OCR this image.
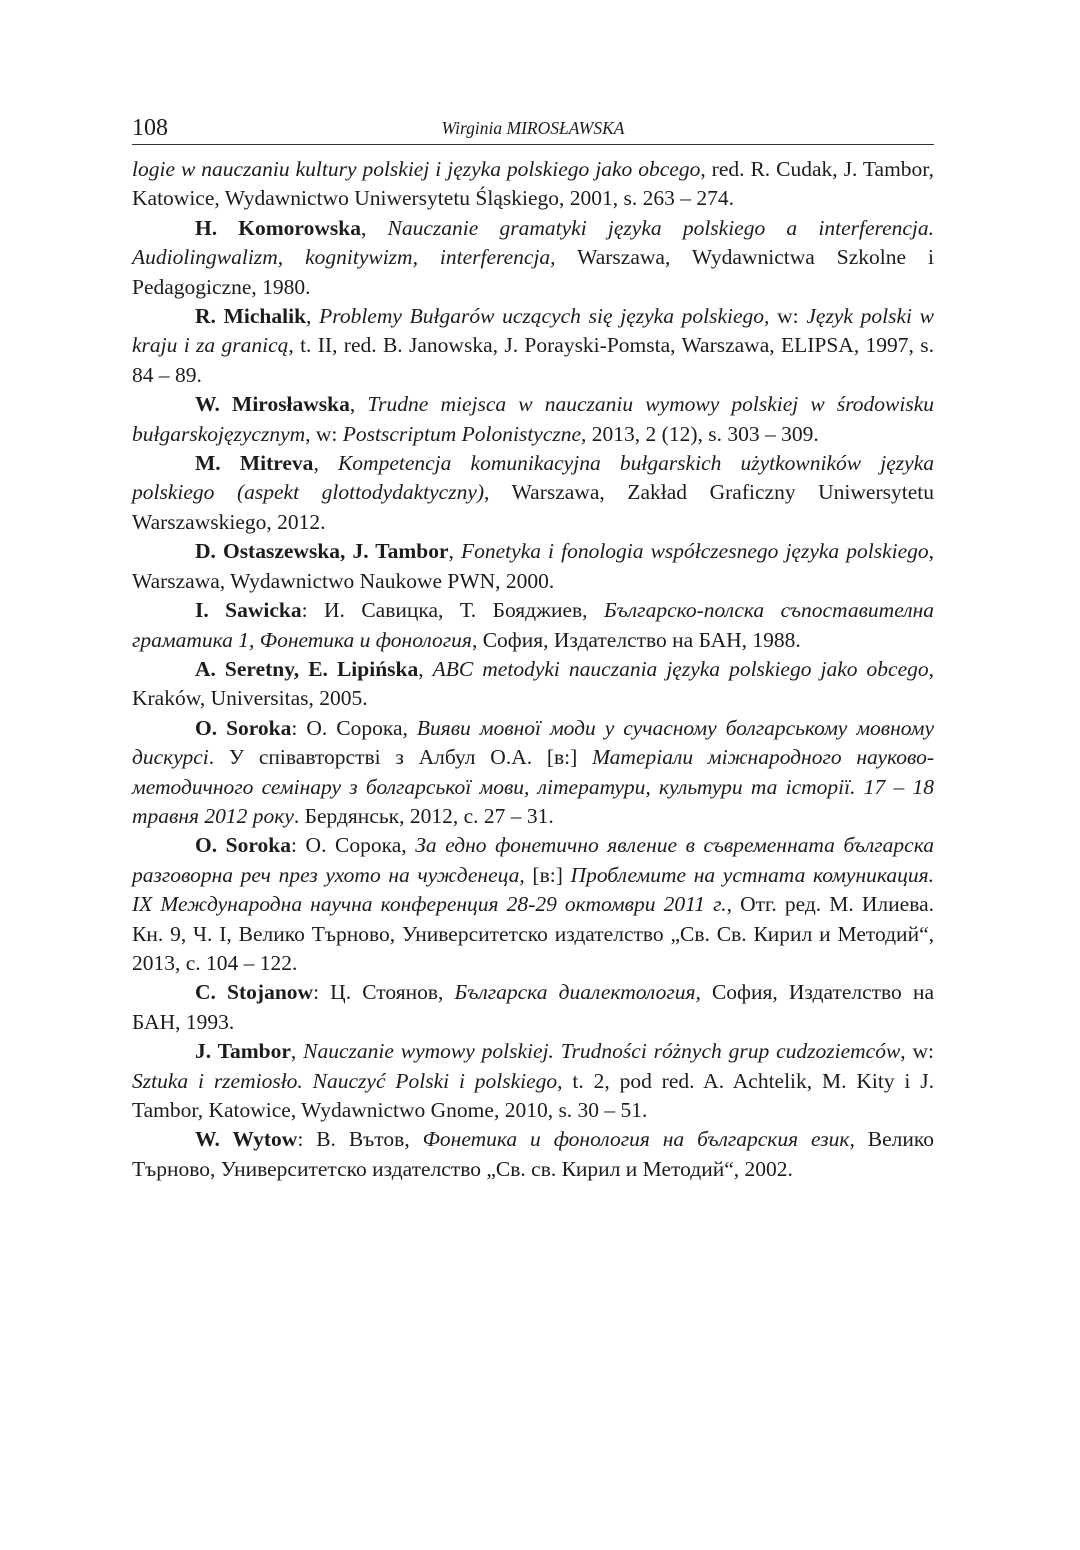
108	Wirginia MIROSŁAWSKA

logie w nauczaniu kultury polskiej i języka polskiego jako obcego, red. R. Cudak, J. Tambor, Katowice, Wydawnictwo Uniwersytetu Śląskiego, 2001, s. 263 – 274.

H. Komorowska, Nauczanie gramatyki języka polskiego a interferencja. Audiolingwalizm, kognitywizm, interferencja, Warszawa, Wydawnictwa Szkolne i Pedagogiczne, 1980.

R. Michalik, Problemy Bułgarów uczących się języka polskiego, w: Język polski w kraju i za granicą, t. II, red. B. Janowska, J. Porayski-Pomsta, Warszawa, ELIPSA, 1997, s. 84 – 89.

W. Mirosławska, Trudne miejsca w nauczaniu wymowy polskiej w środowisku bułgarskojęzycznym, w: Postscriptum Polonistyczne, 2013, 2 (12), s. 303 – 309.

M. Mitreva, Kompetencja komunikacyjna bułgarskich użytkowników języka polskiego (aspekt glottodydaktyczny), Warszawa, Zakład Graficzny Uniwersytetu Warszawskiego, 2012.

D. Ostaszewska, J. Tambor, Fonetyka i fonologia współczesnego języka polskiego, Warszawa, Wydawnictwo Naukowe PWN, 2000.

I. Sawicka: И. Савицка, Т. Бояджиев, Българско-полска съпоставителна граматика 1, Фонетика и фонология, София, Издателство на БАН, 1988.

A. Seretny, E. Lipińska, ABC metodyki nauczania języka polskiego jako obcego, Kraków, Universitas, 2005.

O. Soroka: О. Сорока, Вияви мовної моди у сучасному болгарському мовному дискурсі. У співавторстві з Албул О.А. [в:] Матеріали міжнародного науково-методичного семінару з болгарської мови, літератури, культури та історії. 17 – 18 травня 2012 року. Бердянськ, 2012, с. 27 – 31.

O. Soroka: О. Сорока, За едно фонетично явление в съвременната българска разговорна реч през ухото на чужденеца, [в:] Проблемите на устната комуникация. IX Международна научна конференция 28-29 октомври 2011 г., Отг. ред. М. Илиева. Кн. 9, Ч. I, Велико Търново, Университетско издателство „Св. Св. Кирил и Методий“, 2013, с. 104 – 122.

C. Stojanow: Ц. Стоянов, Българска диалектология, София, Издателство на БАН, 1993.

J. Tambor, Nauczanie wymowy polskiej. Trudności różnych grup cudzoziemców, w: Sztuka i rzemiosło. Nauczyć Polski i polskiego, t. 2, pod red. A. Achtelik, M. Kity i J. Tambor, Katowice, Wydawnictwo Gnome, 2010, s. 30 – 51.

W. Wytow: В. Вътов, Фонетика и фонология на българския език, Велико Търново, Университетско издателство „Св. св. Кирил и Методий“, 2002.
